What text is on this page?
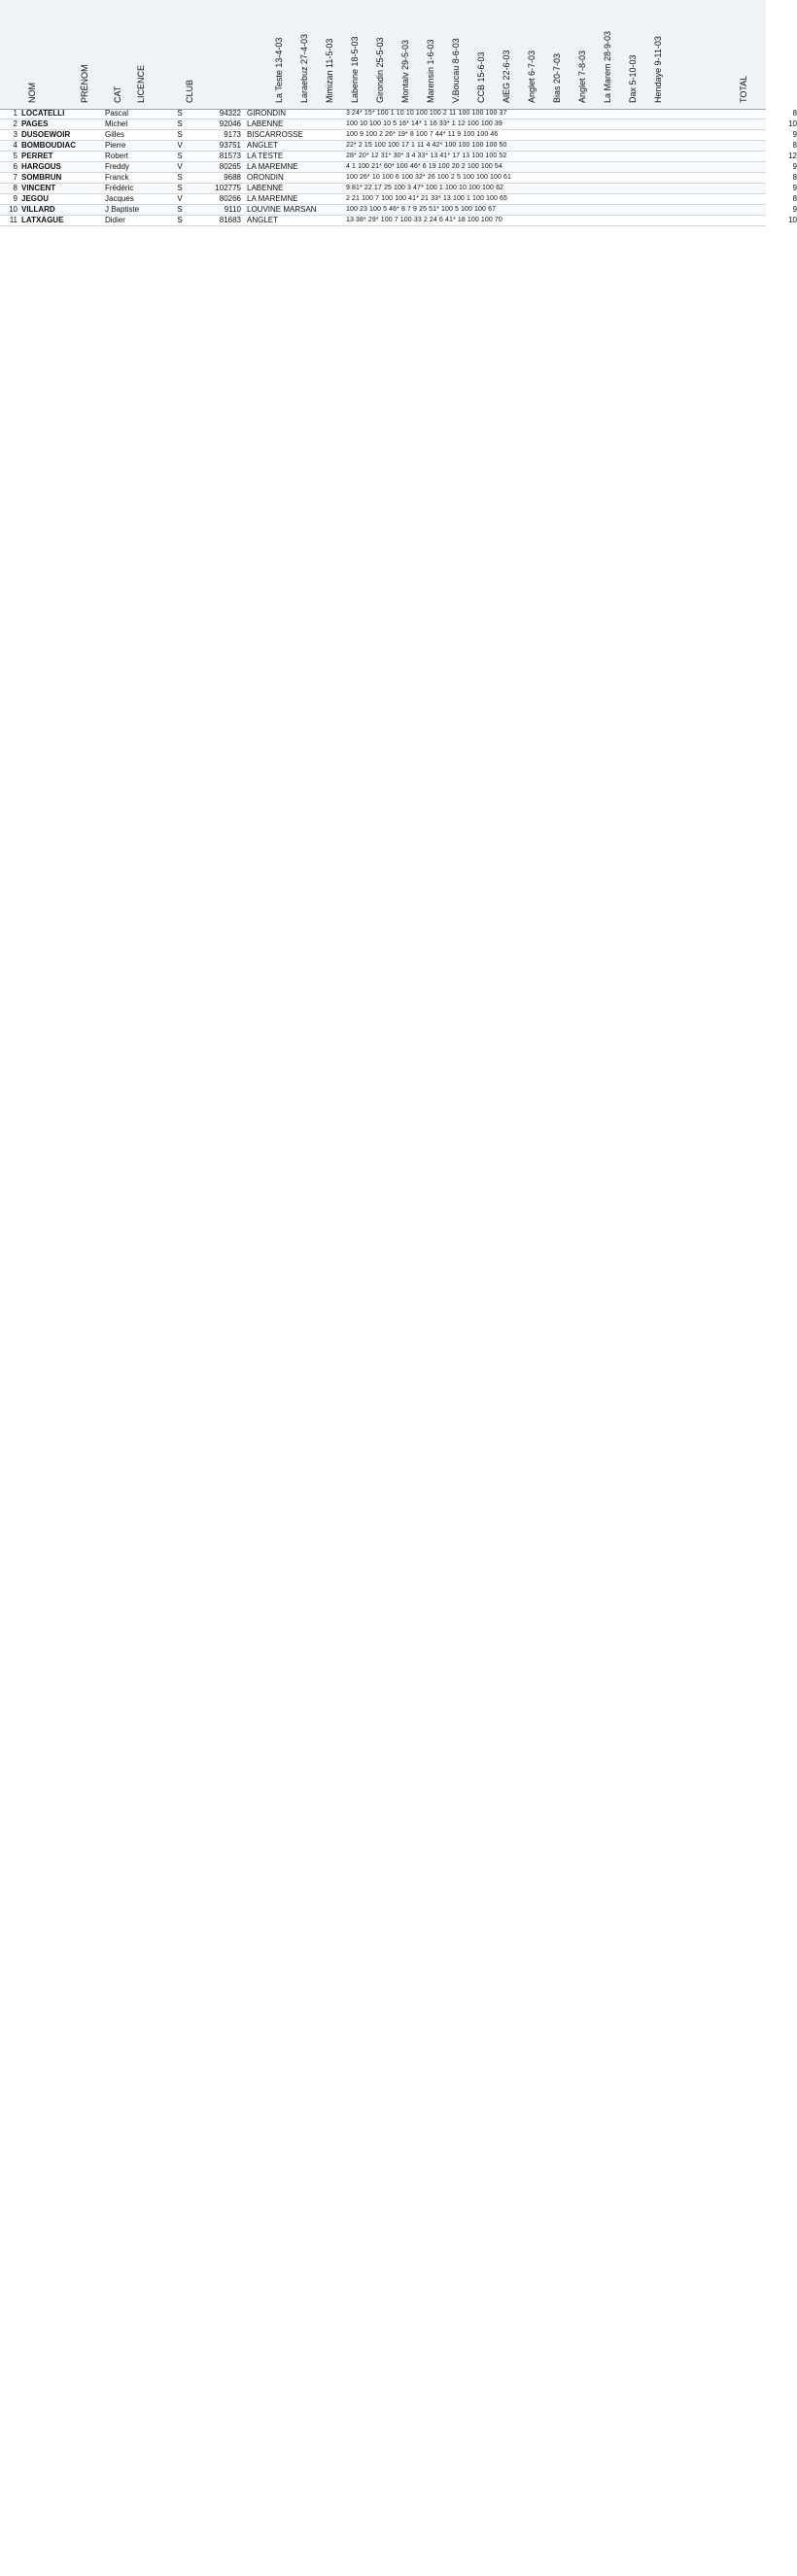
NOM	PRÉNOM	CAT LICENCE	CLUB	La Teste 13-4-03 Laraebuz 27-4-03 Mimizan 11-5-03 Labenne 18-5-03 Girondin 25-5-03 Montalv 29-5-03 Marensin 1-6-03 V.Boucau 8-6-03 CCB 15-6-03 AlEG 22-6-03 Anglet 6-7-03 Bias 20-7-03 Anglet 7-8-03 La Marem 28-9-03 Dax 5-10-03 Hendaye 9-11-03	TOTAL
1 LOCATELLI	Pascal	S	94322 GIRONDIN	3 24* 15* 100 1 10 10 100 100 2 11 100 100 100 37	8
2 PAGES	Michel	S	92046 LABENNE	100 10 100 10 5 16* 14* 1 16 33* 1 12 100 100 39	10
3 DUSOEWOIR	Gilles	S	9173 BISCARROSSE	100 9 100 2 26* 19* 8 100 7 44* 11 9 100 100 46	9
4 BOMBOUDIAC	Pierre	V	93751 ANGLET	22* 2 15 100 100 17 1 11 4 42* 100 100 100 100 50	8
5 PERRET	Robert	S	81573 LA TESTE	28* 20* 12 31* 30* 3 4 33* 13 41* 17 13 100 100 52	12
6 HARGOUS	Freddy	V	80265 LA MAREMNE	4 1 100 21* 60* 100 46* 6 19 100 20 2 100 100 54	9
7 SOMBRUN	Franck	S	9688 ORONDIN	100 26* 10 100 6 100 32* 26 100 2 5 100 100 100 61	8
8 VINCENT	Frédéric	S	102775 LABENNE	9 81* 22 17 25 100 3 47* 100 1 100 10 100 100 62	9
9 JEGOU	Jacques	V	80266 LA MAREMNE	2 21 100 7 100 100 41* 21 33* 13 100 1 100 100 65	8
10 VILLARD	J Baptiste	S	9110 LOUVINE MARSAN	100 23 100 5 46* 8 7 9 25 51* 100 5 100 100 67	9
11 LATXAGUE	Didier	S	81683 ANGLET	13 38* 29* 100 7 100 33 2 24 6 41* 18 100 100 70	10
